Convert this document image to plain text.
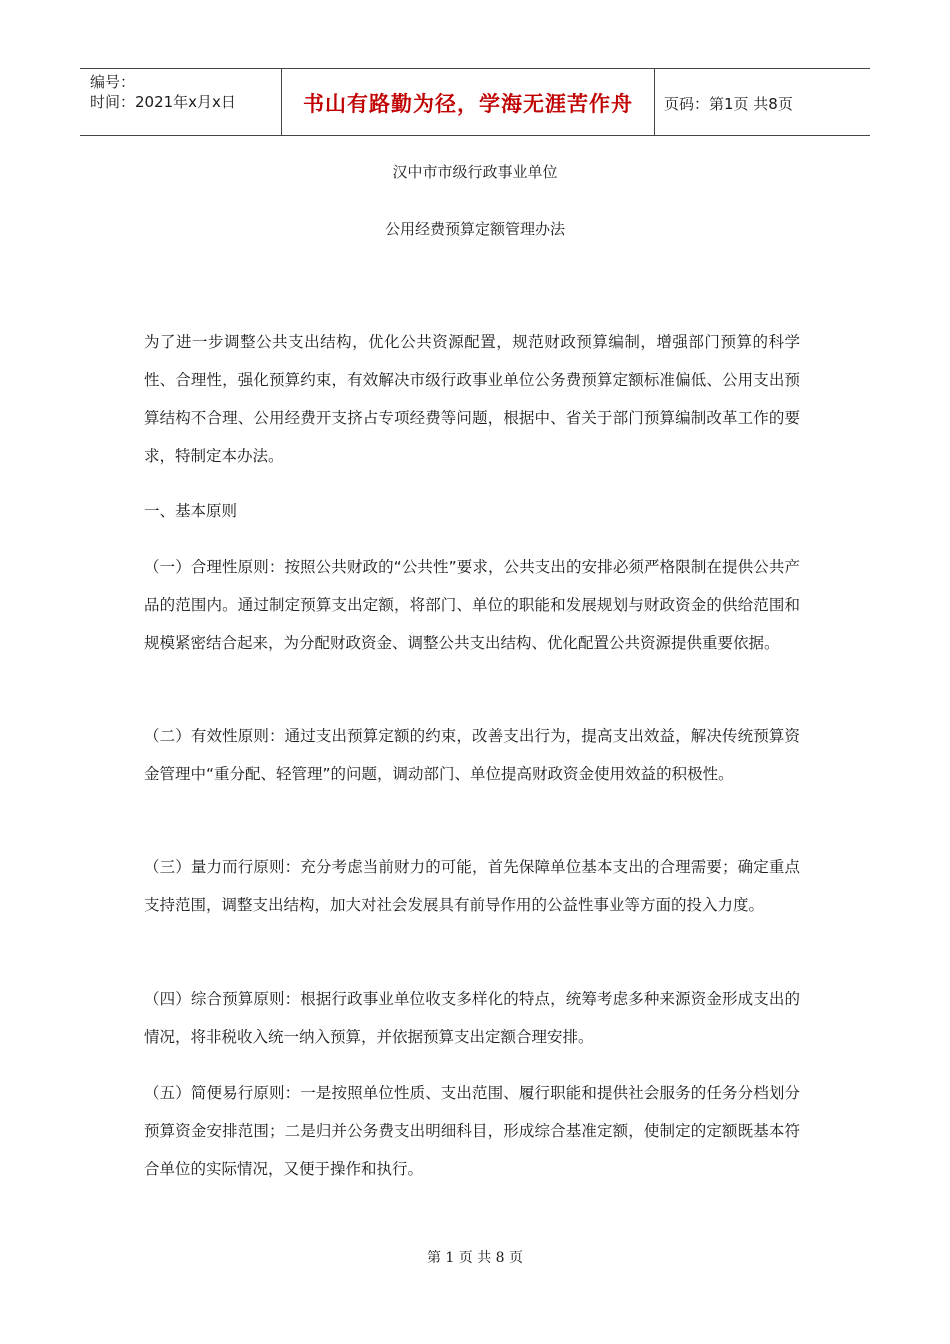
编号：
时间：2021年x月x日	书山有路勤为径，学海无涯苦作舟	页码：第1页 共8页
汉中市市级行政事业单位
公用经费预算定额管理办法

为了进一步调整公共支出结构，优化公共资源配置，规范财政预算编制，增强部门预算的科学性、合理性，强化预算约束，有效解决市级行政事业单位公务费预算定额标准偏低、公用支出预算结构不合理、公用经费开支挤占专项经费等问题，根据中、省关于部门预算编制改革工作的要求，特制定本办法。

一、基本原则

（一）合理性原则：按照公共财政的“公共性”要求，公共支出的安排必须严格限制在提供公共产品的范围内。通过制定预算支出定额，将部门、单位的职能和发展规划与财政资金的供给范围和规模紧密结合起来，为分配财政资金、调整公共支出结构、优化配置公共资源提供重要依据。

（二）有效性原则：通过支出预算定额的约束，改善支出行为，提高支出效益，解决传统预算资金管理中“重分配、轻管理”的问题，调动部门、单位提高财政资金使用效益的积极性。

（三）量力而行原则：充分考虑当前财力的可能，首先保障单位基本支出的合理需要；确定重点支持范围，调整支出结构，加大对社会发展具有前导作用的公益性事业等方面的投入力度。

（四）综合预算原则：根据行政事业单位收支多样化的特点，统筹考虑多种来源资金形成支出的情况，将非税收入统一纳入预算，并依据预算支出定额合理安排。

（五）简便易行原则：一是按照单位性质、支出范围、履行职能和提供社会服务的任务分档划分预算资金安排范围；二是归并公务费支出明细科目，形成综合基准定额，使制定的定额既基本符合单位的实际情况，又便于操作和执行。

第 1 页 共 8 页
